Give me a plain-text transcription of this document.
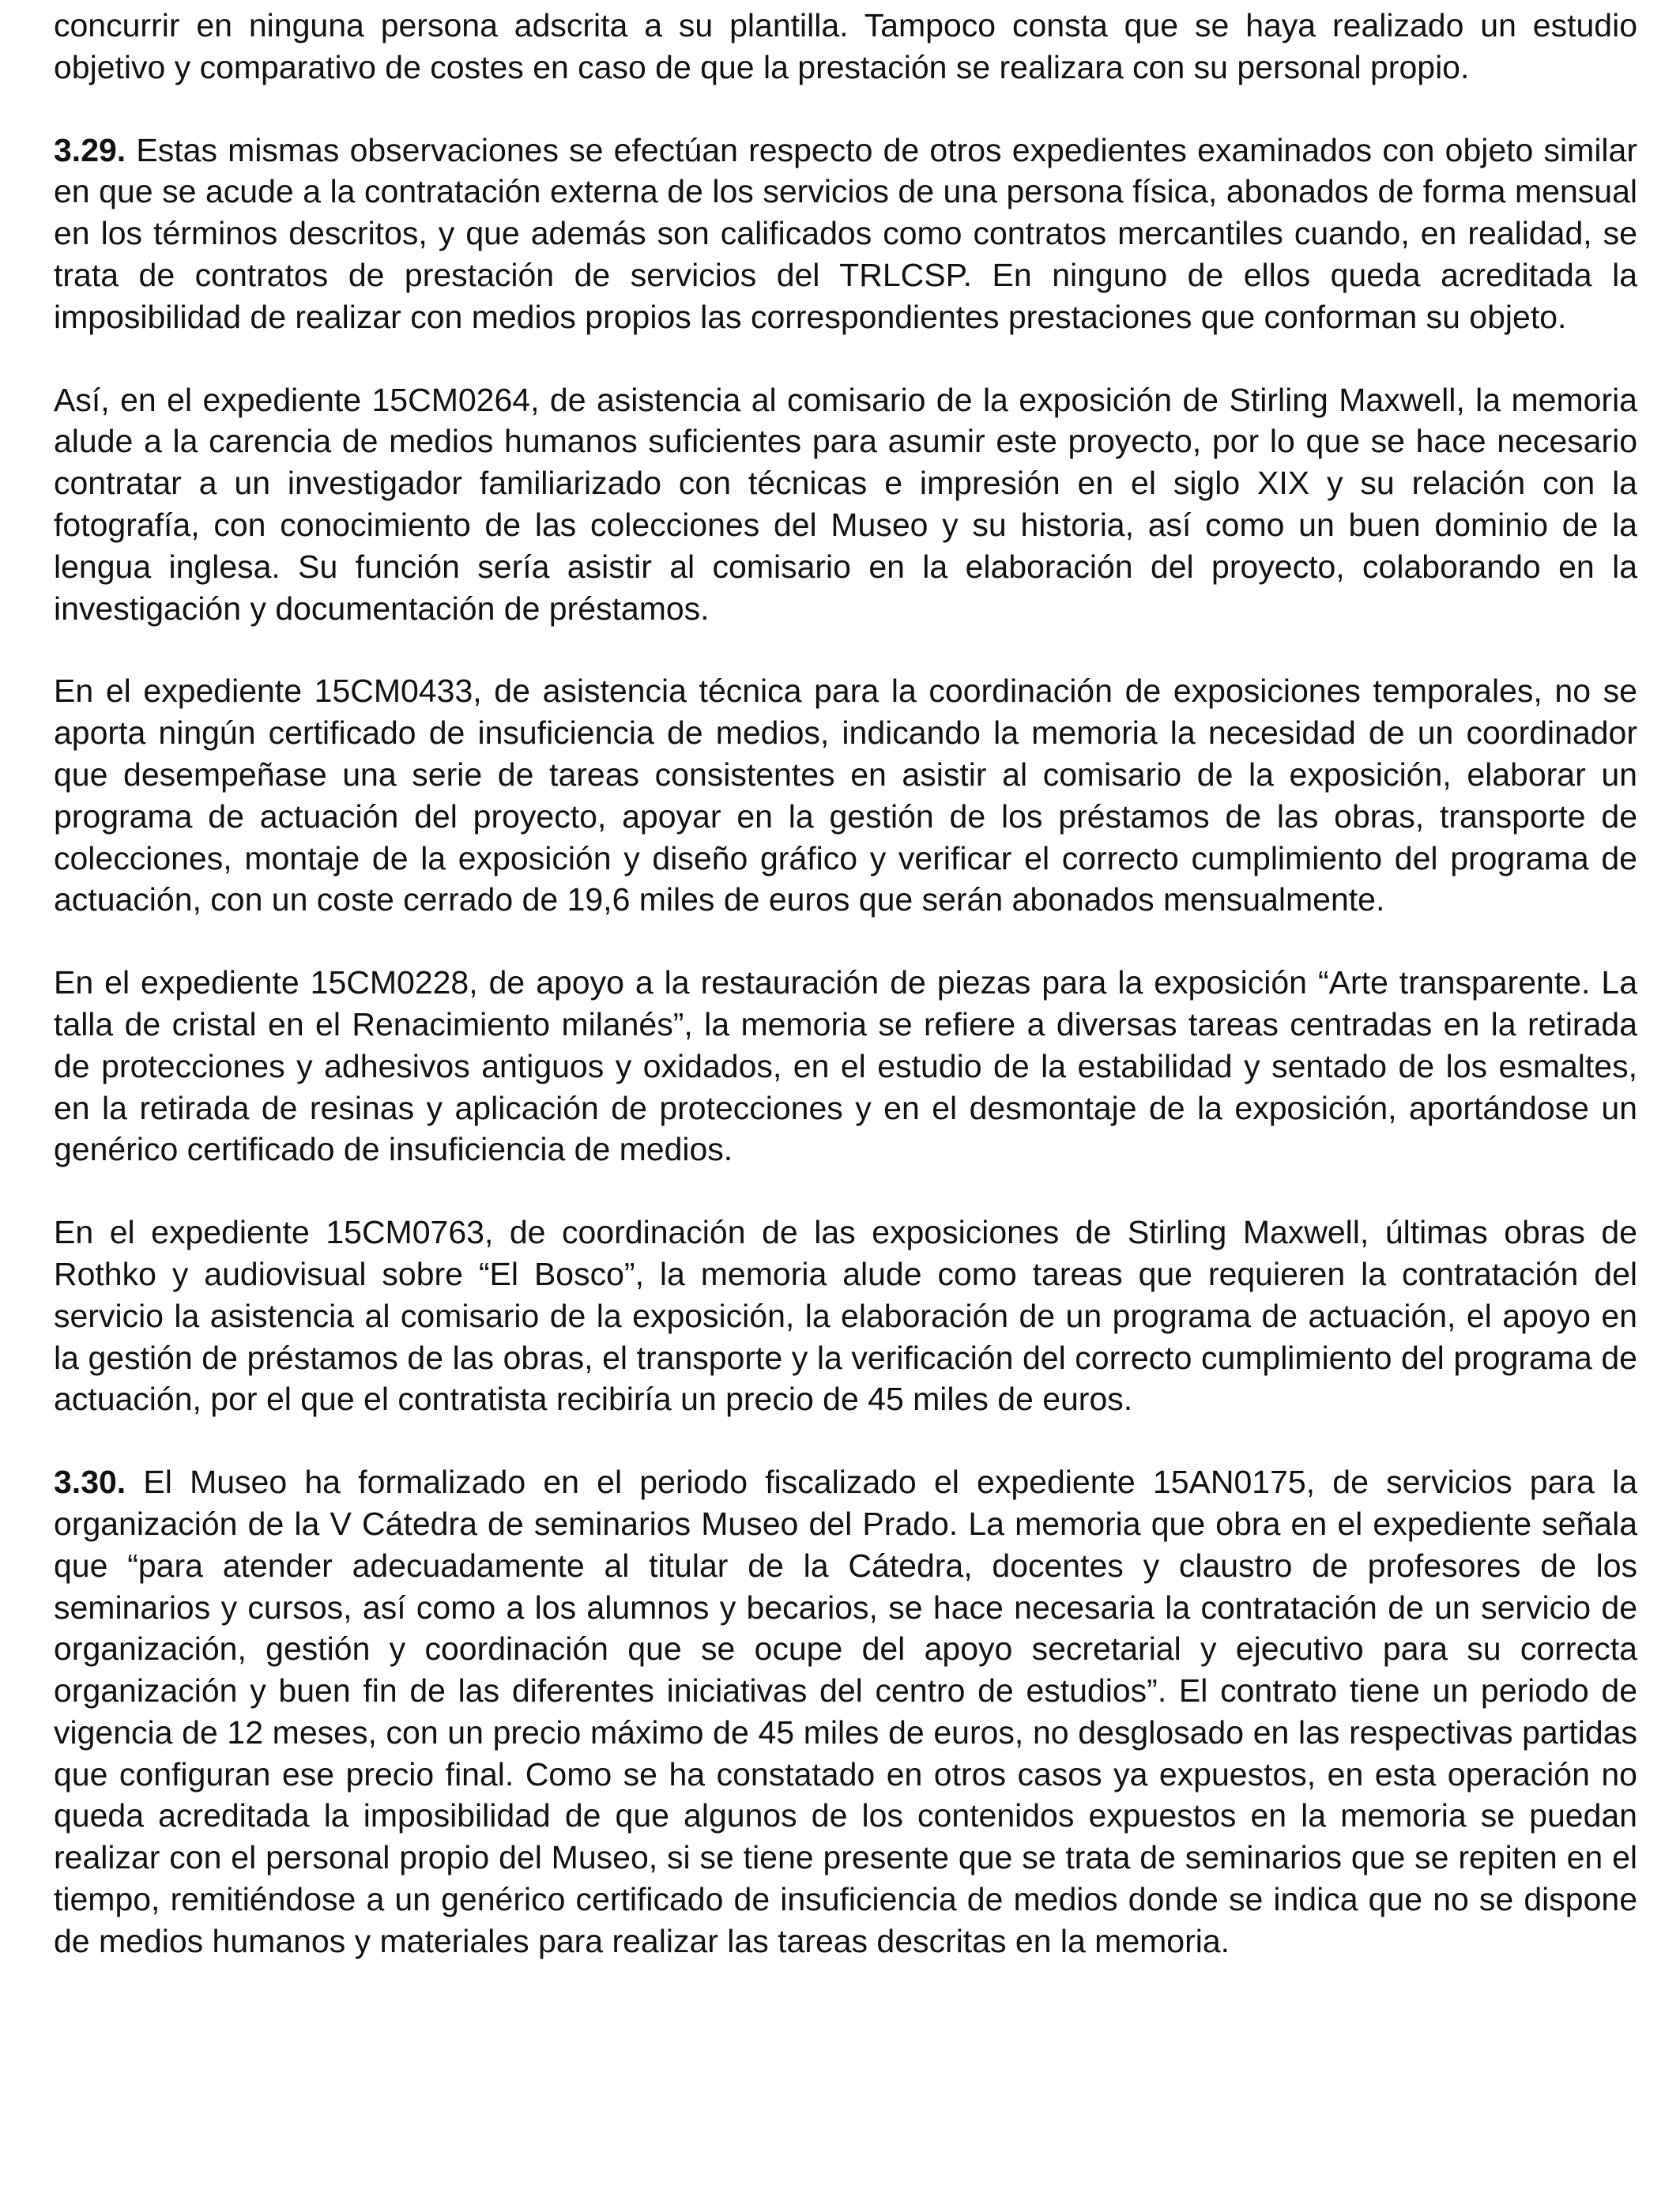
concurrir en ninguna persona adscrita a su plantilla. Tampoco consta que se haya realizado un estudio objetivo y comparativo de costes en caso de que la prestación se realizara con su personal propio.

3.29. Estas mismas observaciones se efectúan respecto de otros expedientes examinados con objeto similar en que se acude a la contratación externa de los servicios de una persona física, abonados de forma mensual en los términos descritos, y que además son calificados como contratos mercantiles cuando, en realidad, se trata de contratos de prestación de servicios del TRLCSP. En ninguno de ellos queda acreditada la imposibilidad de realizar con medios propios las correspondientes prestaciones que conforman su objeto.

Así, en el expediente 15CM0264, de asistencia al comisario de la exposición de Stirling Maxwell, la memoria alude a la carencia de medios humanos suficientes para asumir este proyecto, por lo que se hace necesario contratar a un investigador familiarizado con técnicas e impresión en el siglo XIX y su relación con la fotografía, con conocimiento de las colecciones del Museo y su historia, así como un buen dominio de la lengua inglesa. Su función sería asistir al comisario en la elaboración del proyecto, colaborando en la investigación y documentación de préstamos.

En el expediente 15CM0433, de asistencia técnica para la coordinación de exposiciones temporales, no se aporta ningún certificado de insuficiencia de medios, indicando la memoria la necesidad de un coordinador que desempeñase una serie de tareas consistentes en asistir al comisario de la exposición, elaborar un programa de actuación del proyecto, apoyar en la gestión de los préstamos de las obras, transporte de colecciones, montaje de la exposición y diseño gráfico y verificar el correcto cumplimiento del programa de actuación, con un coste cerrado de 19,6 miles de euros que serán abonados mensualmente.

En el expediente 15CM0228, de apoyo a la restauración de piezas para la exposición “Arte transparente. La talla de cristal en el Renacimiento milanés”, la memoria se refiere a diversas tareas centradas en la retirada de protecciones y adhesivos antiguos y oxidados, en el estudio de la estabilidad y sentado de los esmaltes, en la retirada de resinas y aplicación de protecciones y en el desmontaje de la exposición, aportándose un genérico certificado de insuficiencia de medios.

En el expediente 15CM0763, de coordinación de las exposiciones de Stirling Maxwell, últimas obras de Rothko y audiovisual sobre “El Bosco”, la memoria alude como tareas que requieren la contratación del servicio la asistencia al comisario de la exposición, la elaboración de un programa de actuación, el apoyo en la gestión de préstamos de las obras, el transporte y la verificación del correcto cumplimiento del programa de actuación, por el que el contratista recibiría un precio de 45 miles de euros.

3.30. El Museo ha formalizado en el periodo fiscalizado el expediente 15AN0175, de servicios para la organización de la V Cátedra de seminarios Museo del Prado. La memoria que obra en el expediente señala que “para atender adecuadamente al titular de la Cátedra, docentes y claustro de profesores de los seminarios y cursos, así como a los alumnos y becarios, se hace necesaria la contratación de un servicio de organización, gestión y coordinación que se ocupe del apoyo secretarial y ejecutivo para su correcta organización y buen fin de las diferentes iniciativas del centro de estudios”. El contrato tiene un periodo de vigencia de 12 meses, con un precio máximo de 45 miles de euros, no desglosado en las respectivas partidas que configuran ese precio final. Como se ha constatado en otros casos ya expuestos, en esta operación no queda acreditada la imposibilidad de que algunos de los contenidos expuestos en la memoria se puedan realizar con el personal propio del Museo, si se tiene presente que se trata de seminarios que se repiten en el tiempo, remitiéndose a un genérico certificado de insuficiencia de medios donde se indica que no se dispone de medios humanos y materiales para realizar las tareas descritas en la memoria.
